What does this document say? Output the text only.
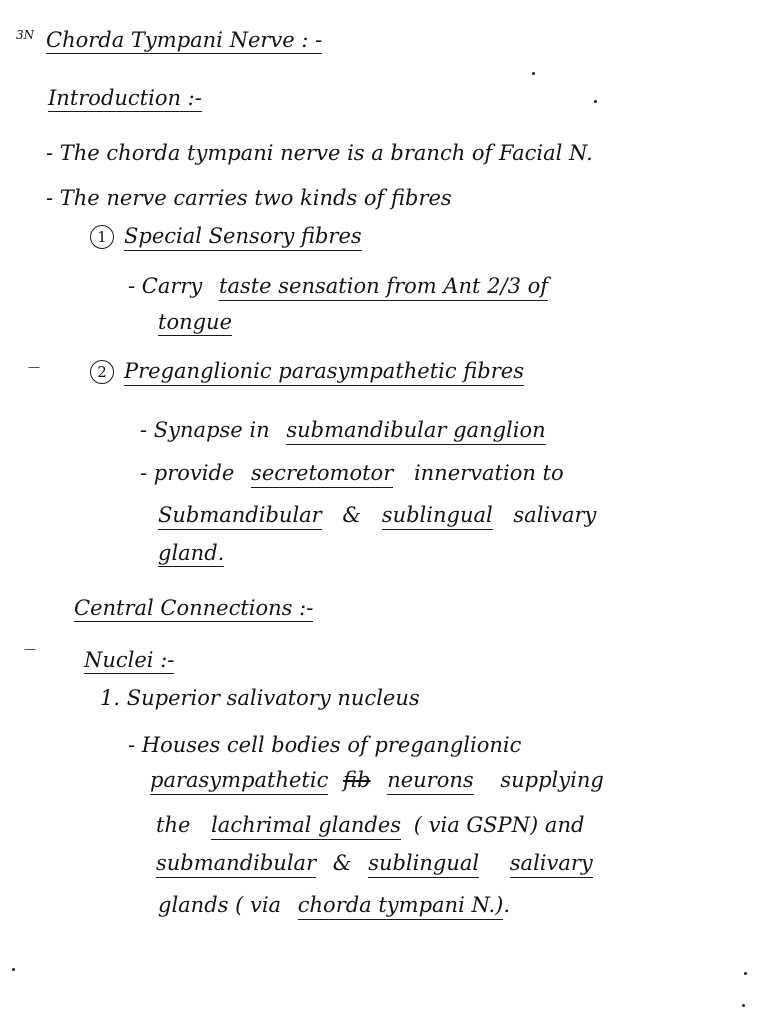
3N Chorda Tympani Nerve : -
Introduction :-
- The chorda tympani nerve is a branch of Facial N.
- The nerve carries two kinds of fibres
1 Special Sensory fibres
- Carry taste sensation from Ant 2/3 of
tongue
—	2 Preganglionic parasympathetic fibres
- Synapse in submandibular ganglion
- provide secretomotor innervation to
Submandibular & sublingual salivary
gland.
Central Connections :-
— Nuclei :-
1. Superior salivatory nucleus
- Houses cell bodies of preganglionic
parasympathetic fib neurons supplying
the lachrimal glandes ( via GSPN) and
submandibular & sublingual salivary
glands ( via chorda tympani N.).
